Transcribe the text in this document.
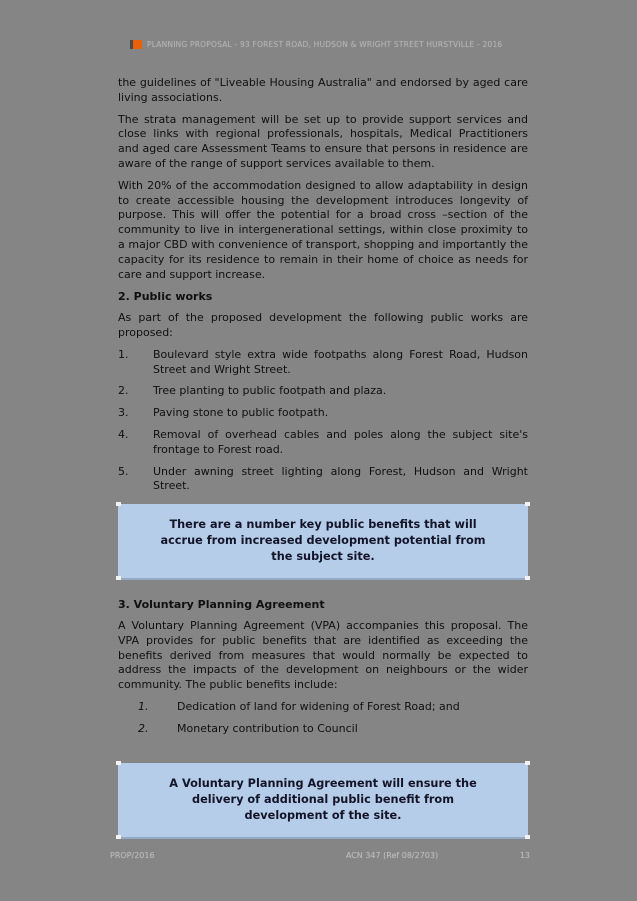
PLANNING PROPOSAL - 93 FOREST ROAD, HUDSON & WRIGHT STREET HURSTVILLE - 2016

the guidelines of "Liveable Housing Australia" and endorsed by aged care living associations.

The strata management will be set up to provide support services and close links with regional professionals, hospitals, Medical Practitioners and aged care Assessment Teams to ensure that persons in residence are aware of the range of support services available to them.

With 20% of the accommodation designed to allow adaptability in design to create accessible housing the development introduces longevity of purpose. This will offer the potential for a broad cross –section of the community to live in intergenerational settings, within close proximity to a major CBD with convenience of transport, shopping and importantly the capacity for its residence to remain in their home of choice as needs for care and support increase.

2. Public works

As part of the proposed development the following public works are proposed:

1.	Boulevard style extra wide footpaths along Forest Road, Hudson Street and Wright Street.
2.	Tree planting to public footpath and plaza.
3.	Paving stone to public footpath.
4.	Removal of overhead cables and poles along the subject site's frontage to Forest road.
5.	Under awning street lighting along Forest, Hudson and Wright Street.
There are a number key public benefits that will accrue from increased development potential from the subject site.
3. Voluntary Planning Agreement

A Voluntary Planning Agreement (VPA) accompanies this proposal. The VPA provides for public benefits that are identified as exceeding the benefits derived from measures that would normally be expected to address the impacts of the development on neighbours or the wider community. The public benefits include:

1.	Dedication of land for widening of Forest Road; and
2.	Monetary contribution to Council
A Voluntary Planning Agreement will ensure the delivery of additional public benefit from development of the site.
PROP/2016	ACN 347 (Ref 08/2703)	13
